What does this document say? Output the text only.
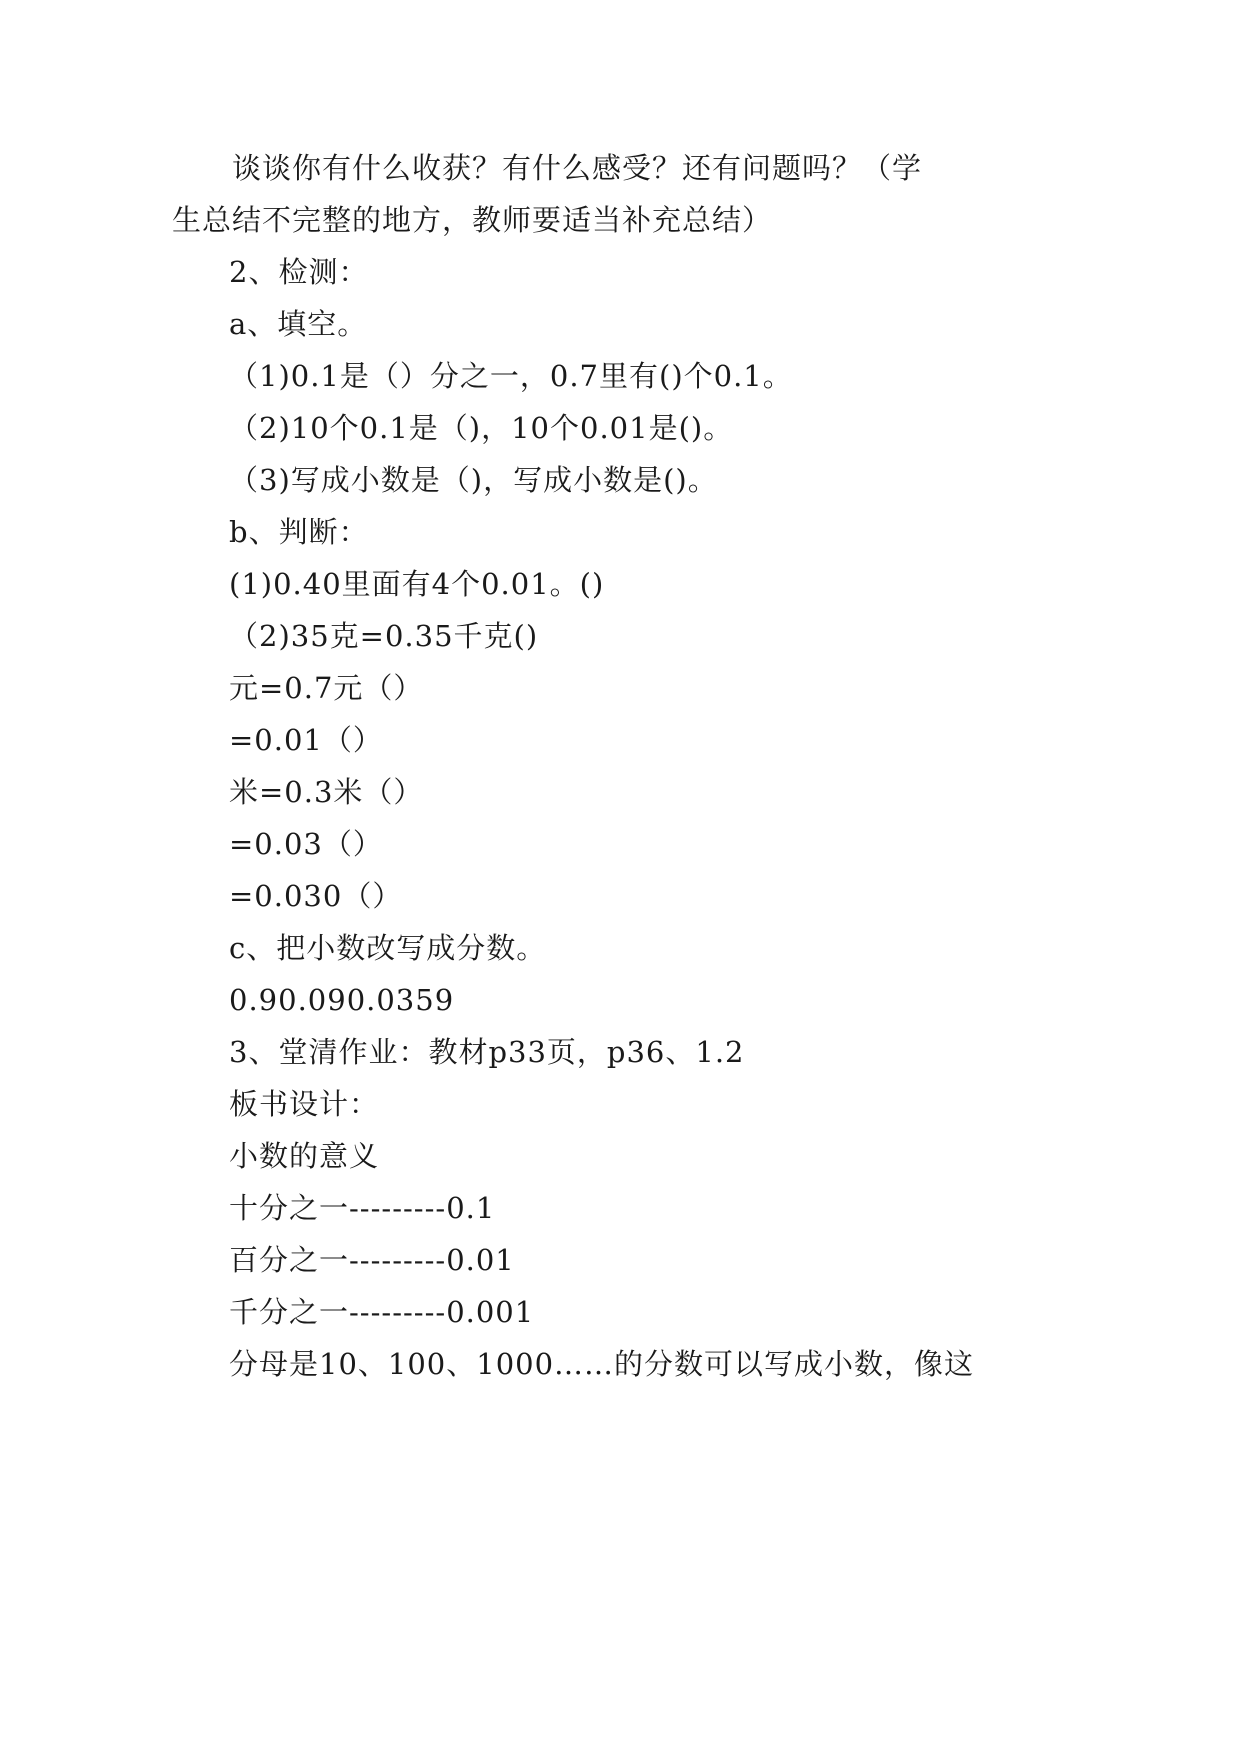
谈谈你有什么收获？有什么感受？还有问题吗？（学
生总结不完整的地方，教师要适当补充总结）
2、检测：
a、填空。
（1)0.1是（）分之一，0.7里有()个0.1。
（2)10个0.1是（)，10个0.01是()。
（3)写成小数是（)，写成小数是()。
b、判断：
(1)0.40里面有4个0.01。()
（2)35克=0.35千克()
元=0.7元（）
=0.01（）
米=0.3米（）
=0.03（）
=0.030（）
c、把小数改写成分数。
0.90.090.0359
3、堂清作业：教材p33页，p36、1.2
板书设计：
小数的意义
十分之一---------0.1
百分之一---------0.01
千分之一---------0.001
分母是10、100、1000……的分数可以写成小数，像这
